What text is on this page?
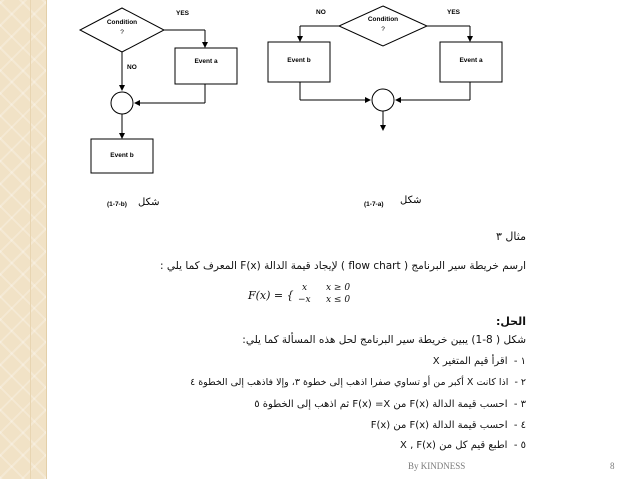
Condition
?
YES
Event a
NO
Event b
(1-7-b) شكل
Condition
?
YES
Event a
NO
Event b
(1-7-a) شكل
مثال ٣
ارسم خريطة سير البرنامج ( flow chart ) لإيجاد قيمة الدالة F(x) المعرف كما يلي :
F(x) = {
x x ≥ 0
−x x ≤ 0
الحل:
شكل ( 8-1) يبين خريطة سير البرنامج لحل هذه المسألة كما يلي:
١ -  اقرأ قيم المتغير X
٢ -  اذا كانت X أكبر من أو تساوي صفرا اذهب إلى خطوة ٣، وإلا فاذهب إلى الخطوة ٤
٣ -  احسب قيمة الدالة F(x) من F(x) =X ثم اذهب إلى الخطوة ٥
٤ -  احسب قيمة الدالة F(x) من F(x)
٥ -  اطبع قيم كل من X , F(x)
By KINDNESS	8
